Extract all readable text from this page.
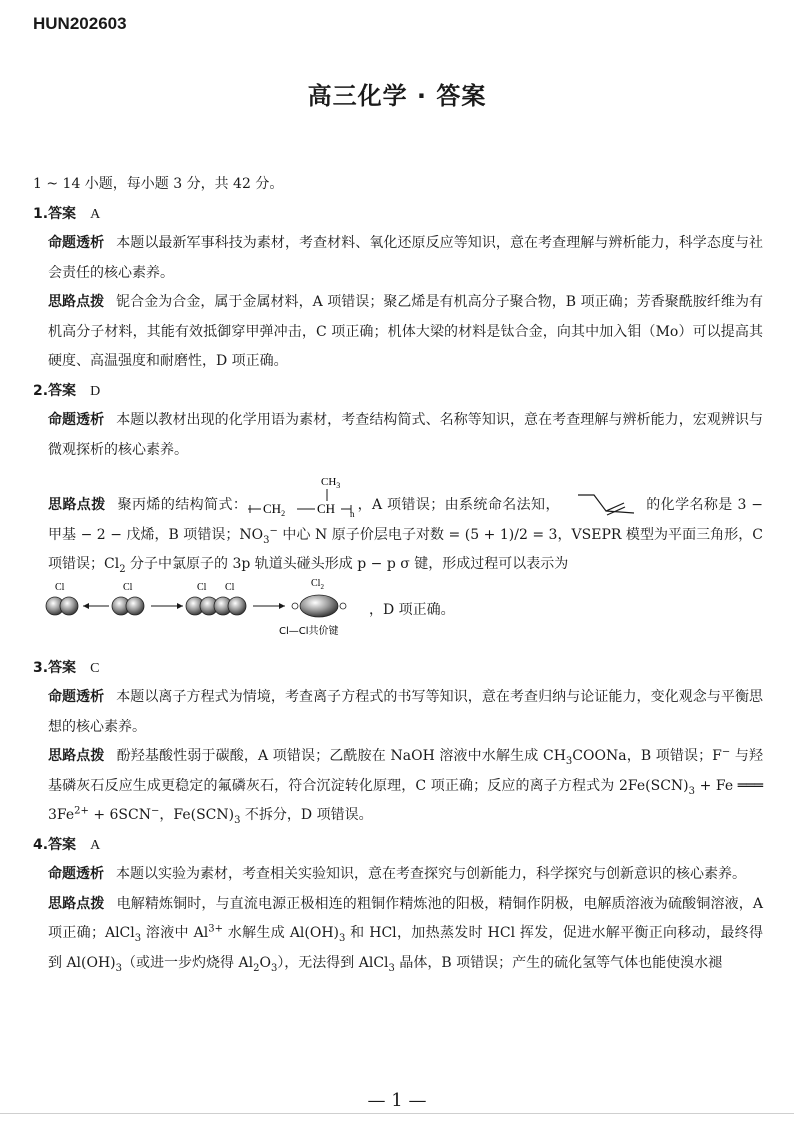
HUN202603
高三化学 · 答案

1 ~ 14 小题，每小题 3 分，共 42 分。

1.答案 A

命题透析 本题以最新军事科技为素材，考查材料、氧化还原反应等知识，意在考查理解与辨析能力，科学态度与社会责任的核心素养。

思路点拨 铌合金为合金，属于金属材料，A 项错误；聚乙烯是有机高分子聚合物，B 项正确；芳香聚酰胺纤维为有机高分子材料，其能有效抵御穿甲弹冲击，C 项正确；机体大梁的材料是钛合金，向其中加入钼（Mo）可以提高其硬度、高温强度和耐磨性，D 项正确。

2.答案 D

命题透析 本题以教材出现的化学用语为素材，考查结构简式、名称等知识，意在考查理解与辨析能力，宏观辨识与微观探析的核心素养。

思路点拨 聚丙烯的结构简式：
$CH_3$
$CH_2$ CH n
，A 项错误；由系统命名法知，	的化学名称是 3 − 甲基 − 2 − 戊烯，B 项错误；$NO_3^-$ 中心 N 原子价层电子对数 = (5 + 1)/2 = 3，VSEPR 模型为平面三角形，C 项错误；$Cl_2$ 分子中氯原子的 3p 轨道头碰头形成 p − p σ 键，形成过程可以表示为

Cl	Cl	Cl Cl	$Cl_2$
Cl—Cl共价键
，D 项正确。

3.答案 C

命题透析 本题以离子方程式为情境，考查离子方程式的书写等知识，意在考查归纳与论证能力，变化观念与平衡思想的核心素养。

思路点拨 酚羟基酸性弱于碳酸，A 项错误；乙酰胺在 NaOH 溶液中水解生成 $CH_3COONa$，B 项错误；F− 与羟基磷灰石反应生成更稳定的氟磷灰石，符合沉淀转化原理，C 项正确；反应的离子方程式为 $2Fe(SCN)_3 + Fe$ ═══ $3Fe^{2+} + 6SCN^-$，$Fe(SCN)_3$ 不拆分，D 项错误。

4.答案 A

命题透析 本题以实验为素材，考查相关实验知识，意在考查探究与创新能力，科学探究与创新意识的核心素养。

思路点拨 电解精炼铜时，与直流电源正极相连的粗铜作精炼池的阳极，精铜作阴极，电解质溶液为硫酸铜溶液，A 项正确；AlCl$_3$ 溶液中 $Al^{3+}$ 水解生成 $Al(OH)_3$ 和 HCl，加热蒸发时 HCl 挥发，促进水解平衡正向移动，最终得到 $Al(OH)_3$（或进一步灼烧得 $Al_2O_3$），无法得到 AlCl$_3$ 晶体，B 项错误；产生的硫化氢等气体也能使溴水褪

— 1 —
